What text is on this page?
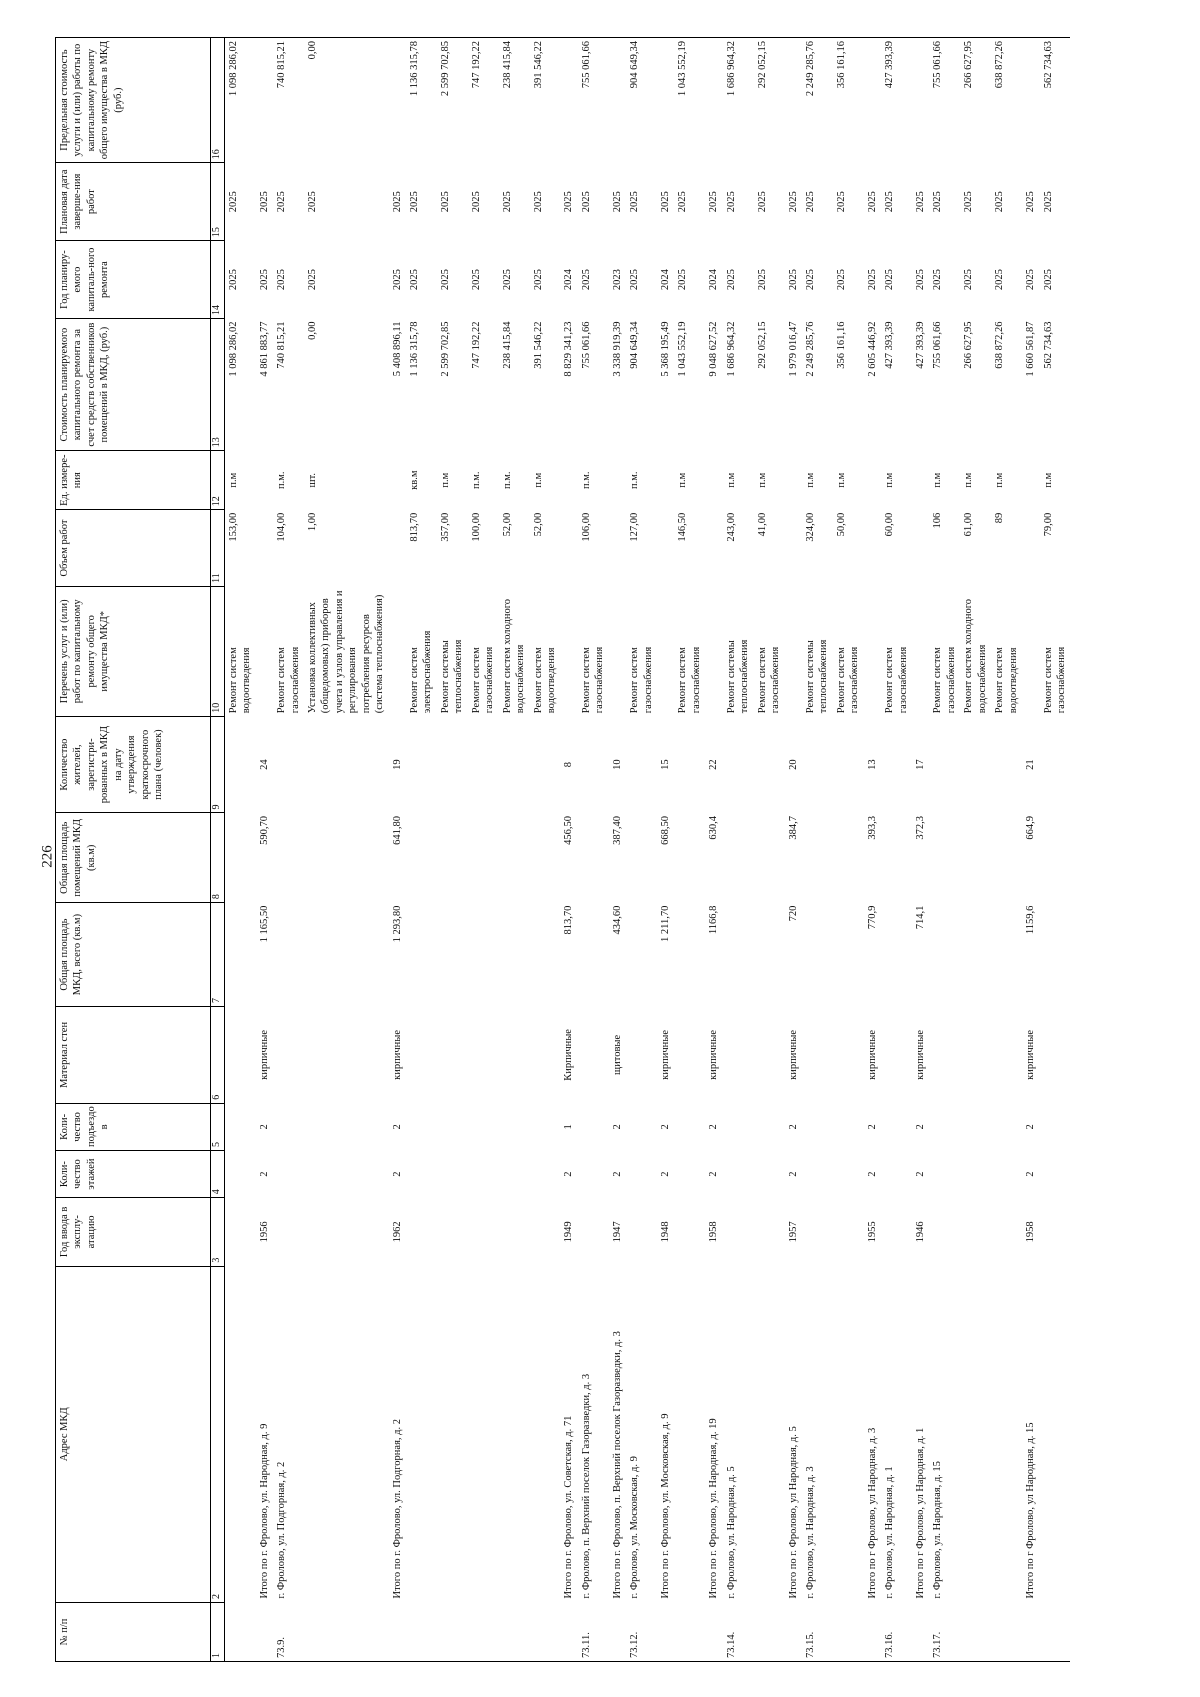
226
№ п/п	Адрес МКД	Год ввода в эксплу-атацию	Коли-чество этажей	Коли-чество подъездо в	Материал стен	Общая площадь МКД, всего (кв.м)	Общая площадь помещений МКД (кв.м)	Количество жителей, зарегистри-рованных в МКД на дату утверждения краткосрочного плана (человек)	Перечень услуг и (или) работ по капитальному ремонту общего имущества МКД*	Объем работ	Ед. измере-ния	Стоимость планируемого капитального ремонта за счет средств собственников помещений в МКД, (руб.)	Год планиру-емого капиталь-ного ремонта	Плановая дата заверше-ния работ	Предельная стоимость услуги и (или) работы по капитальному ремонту общего имущества в МКД (руб.)
1	2	3	4	5	6	7	8	9	10	11	12	13	14	15	16
									Ремонт систем водоотведения	153,00	п.м	1 098 286,02	2025	2025	1 098 286,02
	Итого по г. Фролово, ул. Народная, д. 9	1956	2	2	кирпичные	1 165,50	590,70	24				4 861 883,77	2025	2025	
73.9.	г. Фролово, ул. Подгорная, д. 2								Ремонт систем газоснабжения	104,00	п.м.	740 815,21	2025	2025	740 815,21
									Установка коллективных (общедомовых) приборов учета и узлов управления и регулирования потребления ресурсов (система теплоснабжения)	1,00	шт.	0,00	2025	2025	0,00
	Итого по г. Фролово, ул. Подгорная, д. 2	1962	2	2	кирпичные	1 293,80	641,80	19				5 408 896,11	2025	2025	
									Ремонт систем электроснабжения	813,70	кв.м	1 136 315,78	2025	2025	1 136 315,78
									Ремонт системы теплоснабжения	357,00	п.м	2 599 702,85	2025	2025	2 599 702,85
									Ремонт систем газоснабжения	100,00	п.м.	747 192,22	2025	2025	747 192,22
									Ремонт систем холодного водоснабжения	52,00	п.м.	238 415,84	2025	2025	238 415,84
									Ремонт систем водоотведения	52,00	п.м	391 546,22	2025	2025	391 546,22
	Итого по г. Фролово, ул. Советская, д. 71	1949	2	1	Кирпичные	813,70	456,50	8				8 829 341,23	2024	2025	
73.11.	г. Фролово, п. Верхний поселок Газоразведки, д. 3								Ремонт систем газоснабжения	106,00	п.м.	755 061,66	2025	2025	755 061,66
	Итого по г. Фролово, п. Верхний поселок Газоразведки, д. 3	1947	2	2	щитовые	434,60	387,40	10				3 338 919,39	2023	2025	
73.12.	г. Фролово, ул. Московская, д. 9								Ремонт систем газоснабжения	127,00	п.м.	904 649,34	2025	2025	904 649,34
	Итого по г. Фролово, ул. Московская, д. 9	1948	2	2	кирпичные	1 211,70	668,50	15				5 368 195,49	2024	2025	
									Ремонт систем газоснабжения	146,50	п.м	1 043 552,19	2025	2025	1 043 552,19
	Итого по г. Фролово, ул. Народная, д. 19	1958	2	2	кирпичные	1166,8	630,4	22				9 048 627,52	2024	2025	
73.14.	г. Фролово, ул. Народная, д. 5								Ремонт системы теплоснабжения	243,00	п.м	1 686 964,32	2025	2025	1 686 964,32
									Ремонт систем газоснабжения	41,00	п.м	292 052,15	2025	2025	292 052,15
	Итого по г. Фролово, ул Народная, д. 5	1957	2	2	кирпичные	720	384,7	20				1 979 016,47	2025	2025	
73.15.	г. Фролово, ул. Народная, д. 3								Ремонт системы теплоснабжения	324,00	п.м	2 249 285,76	2025	2025	2 249 285,76
									Ремонт систем газоснабжения	50,00	п.м	356 161,16	2025	2025	356 161,16
	Итого по г Фролово, ул Народная, д. 3	1955	2	2	кирпичные	770,9	393,3	13				2 605 446,92	2025	2025	
73.16.	г. Фролово, ул. Народная, д. 1								Ремонт систем газоснабжения	60,00	п.м	427 393,39	2025	2025	427 393,39
	Итого по г Фролово, ул Народная, д. 1	1946	2	2	кирпичные	714,1	372,3	17				427 393,39	2025	2025	
73.17.	г. Фролово, ул. Народная, д. 15								Ремонт систем газоснабжения	106	п.м	755 061,66	2025	2025	755 061,66
									Ремонт систем холодного водоснабжения	61,00	п.м	266 627,95	2025	2025	266 627,95
									Ремонт систем водоотведения	89	п.м	638 872,26	2025	2025	638 872,26
	Итого по г Фролово, ул Народная, д. 15	1958	2	2	кирпичные	1159,6	664,9	21				1 660 561,87	2025	2025	
									Ремонт систем газоснабжения	79,00	п.м	562 734,63	2025	2025	562 734,63
